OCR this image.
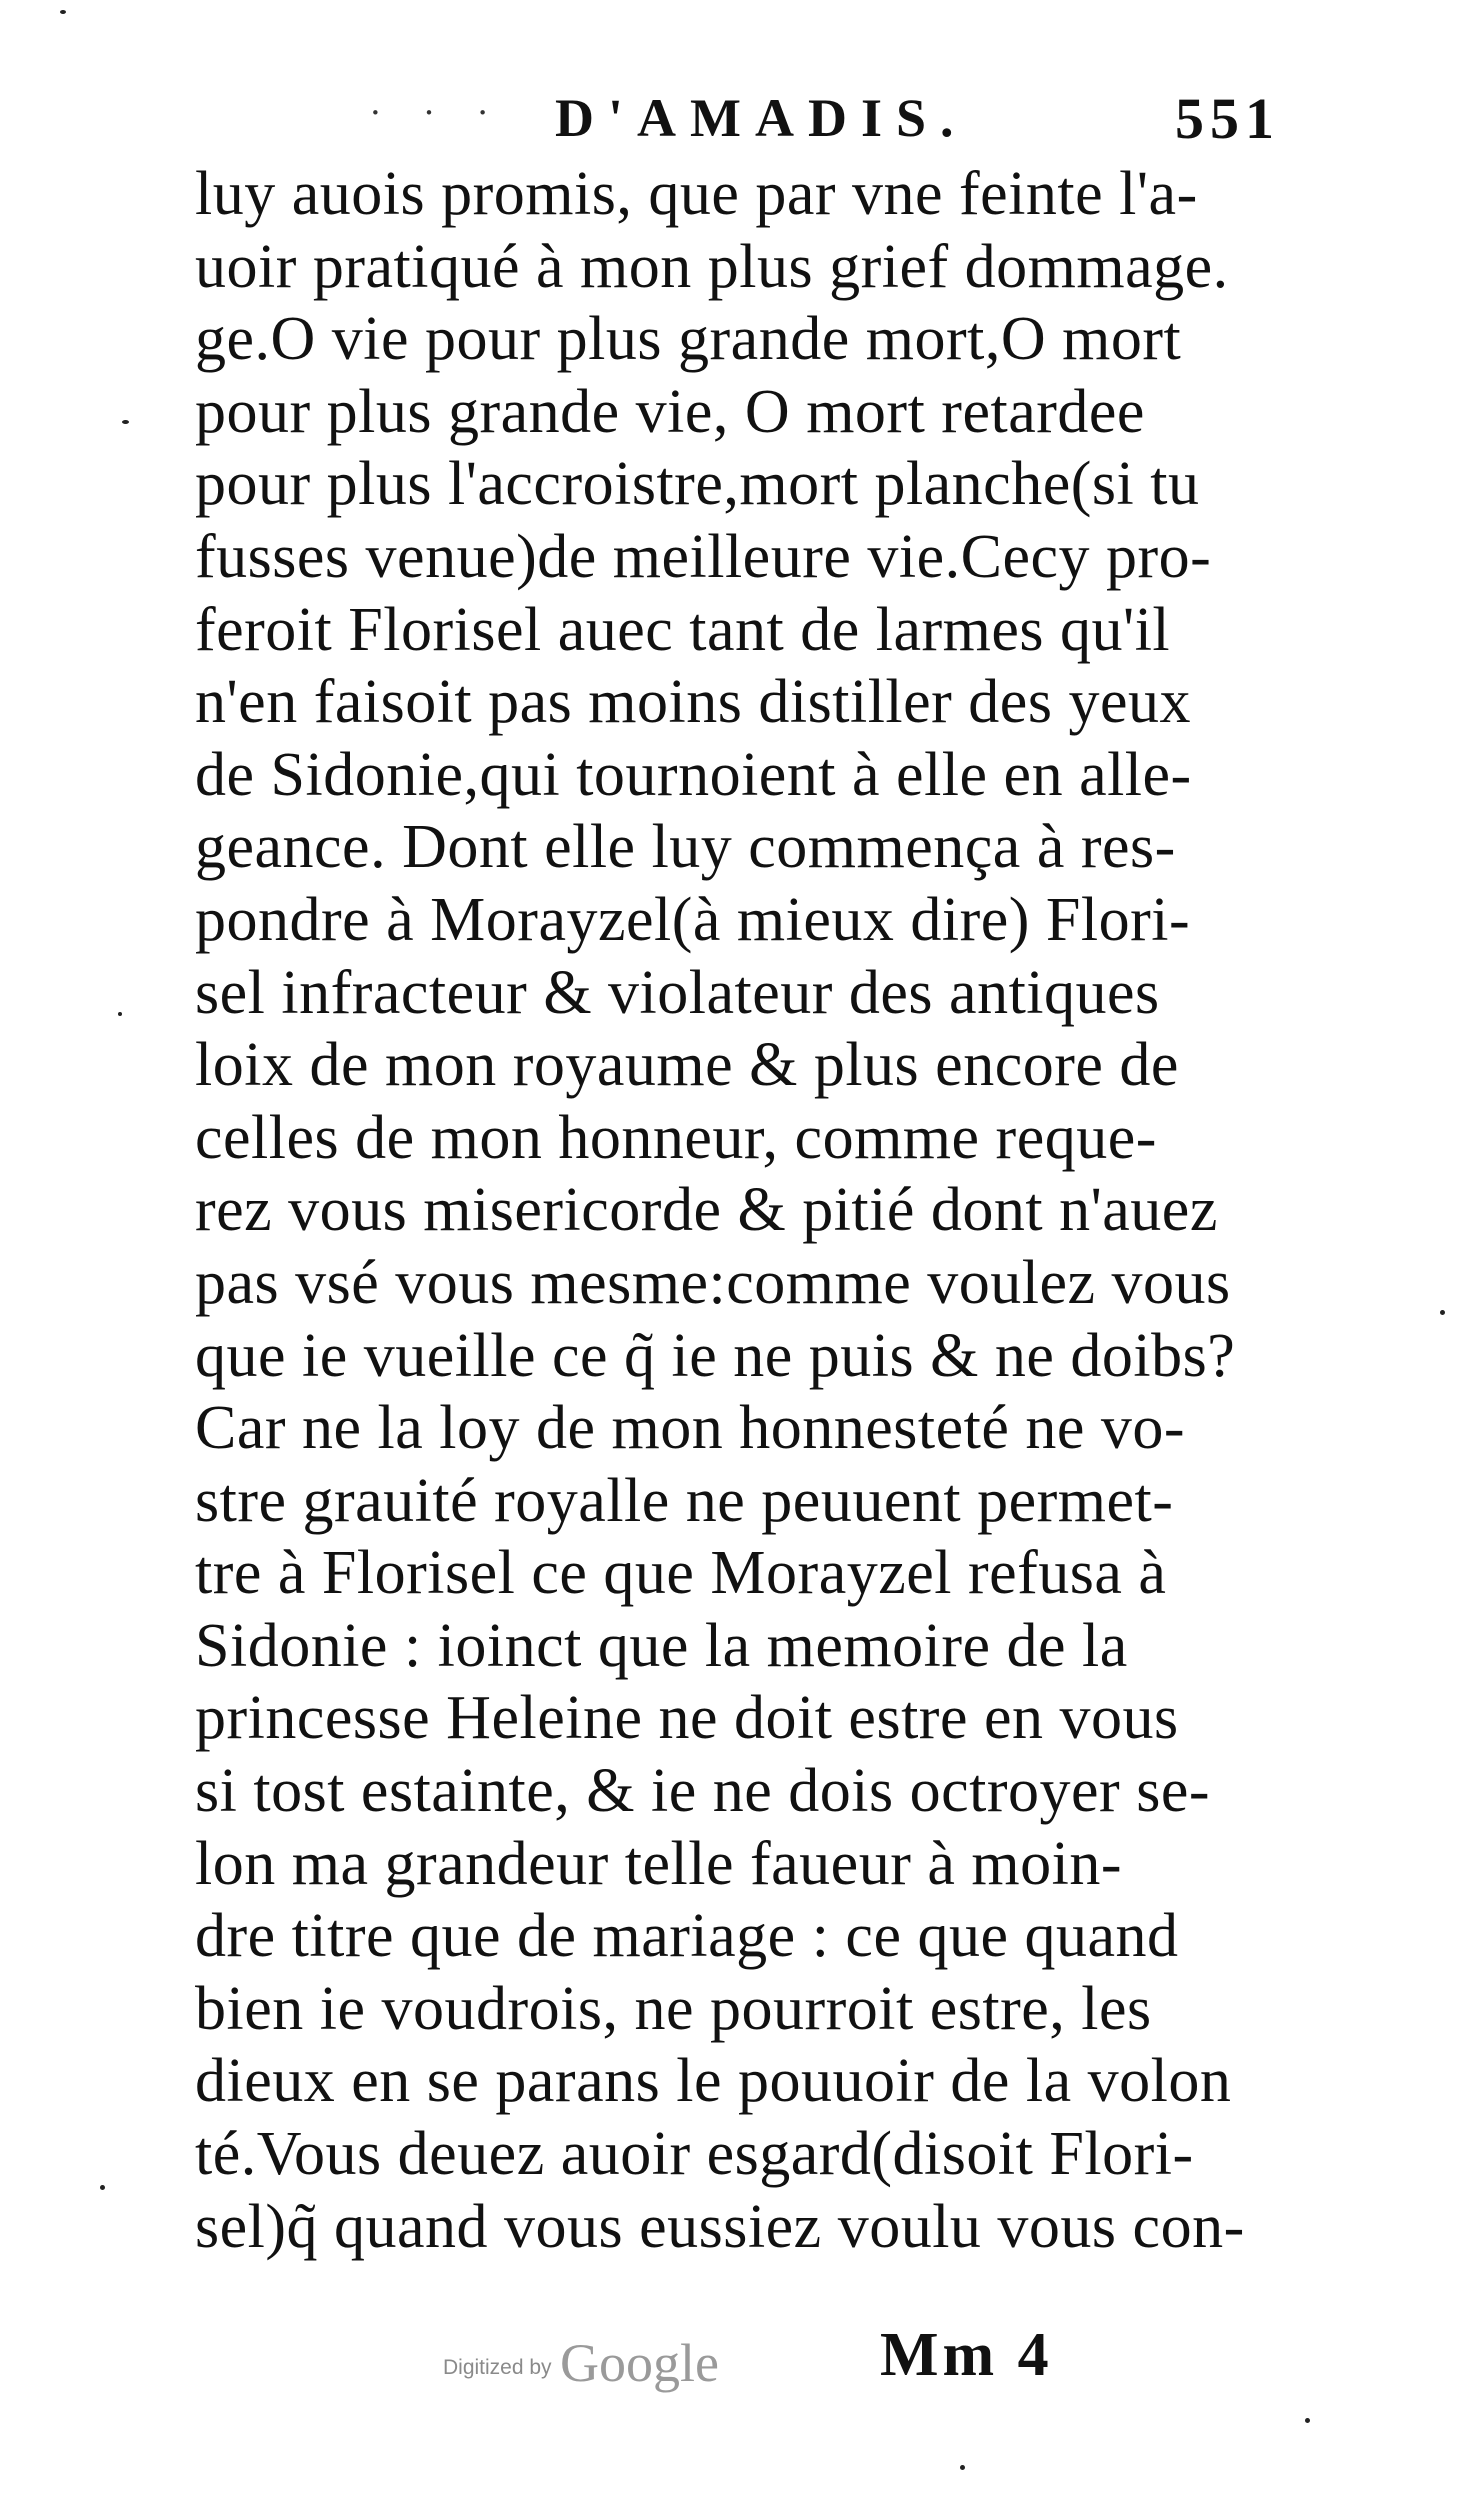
· · · D'AMADIS.	551
luy auois promis, que par vne feinte l'a-
uoir pratiqué à mon plus grief dommage.
ge.O vie pour plus grande mort,O mort
pour plus grande vie, O mort retardee
pour plus l'accroistre,mort planche(si tu
fusses venue)de meilleure vie.Cecy pro-
feroit Florisel auec tant de larmes qu'il
n'en faisoit pas moins distiller des yeux
de Sidonie,qui tournoient à elle en alle-
geance. Dont elle luy commença à res-
pondre à Morayzel(à mieux dire) Flori-
sel infracteur & violateur des antiques
loix de mon royaume & plus encore de
celles de mon honneur, comme reque-
rez vous misericorde & pitié dont n'auez
pas vsé vous mesme:comme voulez vous
que ie vueille ce q̃ ie ne puis & ne doibs?
Car ne la loy de mon honnesteté ne vo-
stre grauité royalle ne peuuent permet-
tre à Florisel ce que Morayzel refusa à
Sidonie : ioinct que la memoire de la
princesse Heleine ne doit estre en vous
si tost estainte, & ie ne dois octroyer se-
lon ma grandeur telle faueur à moin-
dre titre que de mariage : ce que quand
bien ie voudrois, ne pourroit estre, les
dieux en se parans le pouuoir de la volon
té.Vous deuez auoir esgard(disoit Flori-
sel)q̃ quand vous eussiez voulu vous con-
Digitized by Google	Mm 4
